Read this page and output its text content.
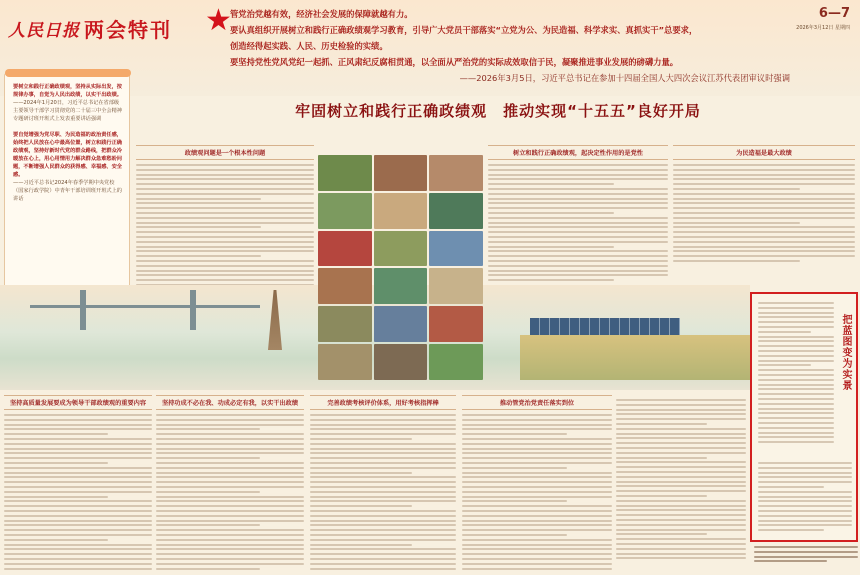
人民日报 两会特刊 ★

管党治党越有效，经济社会发展的保障就越有力。

要认真组织开展树立和践行正确政绩观学习教育，引导广大党员干部落实“立党为公、为民造福、科学求实、真抓实干”总要求，

创造经得起实践、人民、历史检验的实绩。

要坚持党性党风党纪一起抓、正风肃纪反腐相贯通，以全面从严治党的实际成效取信于民，凝聚推进事业发展的磅礴力量。

——2026年3月5日，习近平总书记在参加十四届全国人大四次会议江苏代表团审议时强调

6—7
2026年3月12日 星期四

要树立和践行正确政绩观，坚持从实际出发，按规律办事，自觉为人民出政绩，以实干出政绩。

——2024年1月20日，习近平总书记在省部级主要领导干部学习贯彻党的二十届三中全会精神专题研讨班开班式上发表重要讲话强调

要自觉增强为党尽职、为民造福的政治责任感，始终把人民放在心中最高位置，树立和践行正确政绩观，坚持好新时代党的群众路线，把群众冷暖放在心上，用心用情用力解决群众急难愁盼问题，不断增强人民群众的获得感、幸福感、安全感。

——习近平总书记2024年春季学期中央党校（国家行政学院）中青年干部培训班开班式上的讲话

牢固树立和践行正确政绩观　推动实现“十五五”良好开局
政绩观问题是一个根本性问题	树立和践行正确政绩观，起决定性作用的是党性	为民造福是最大政绩
坚持高质量发展要成为领导干部政绩观的重要内容	坚持功成不必在我、功成必定有我，以实干出政绩	完善政绩考核评价体系，用好考核指挥棒	推动管党治党责任落实到位
把蓝图变为实景
